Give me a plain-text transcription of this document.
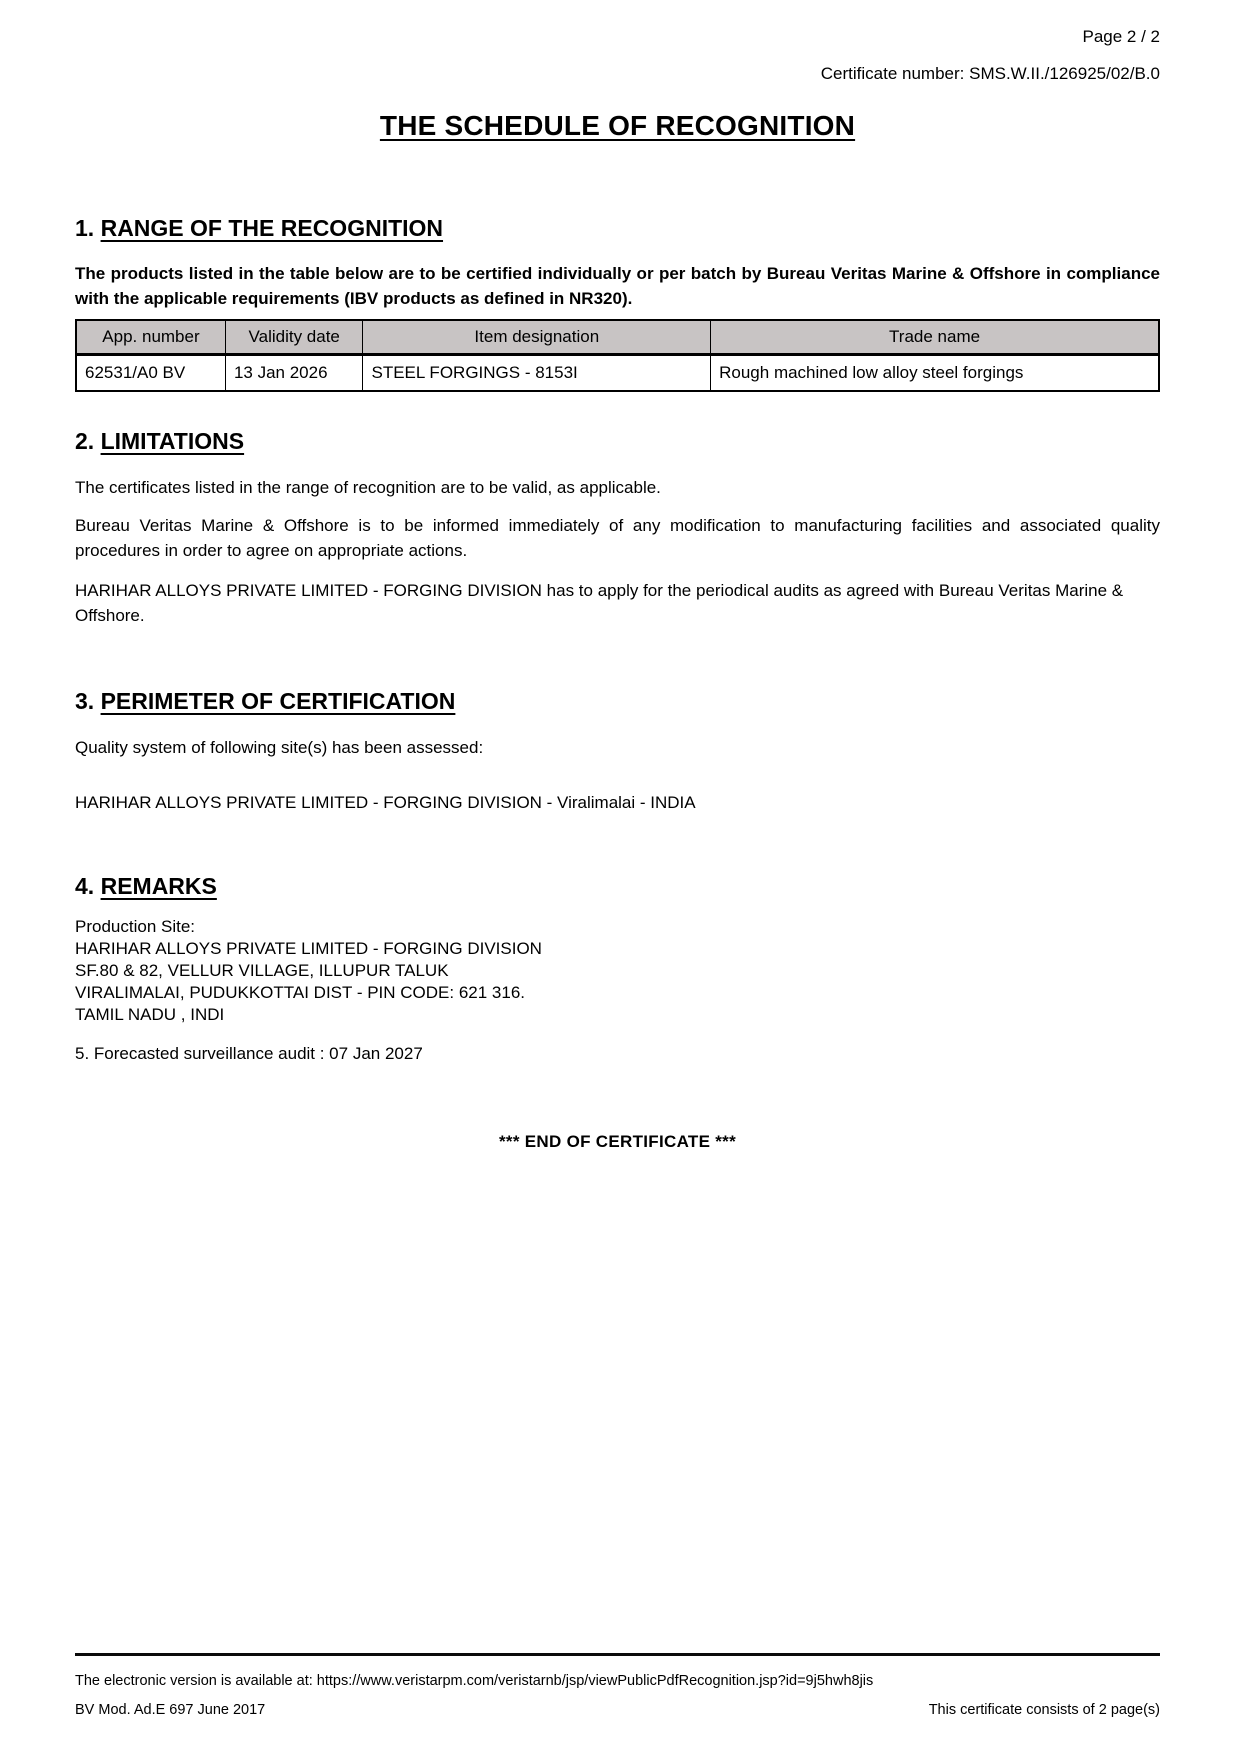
Page 2 / 2
Certificate number: SMS.W.II./126925/02/B.0
THE SCHEDULE OF RECOGNITION
1. RANGE OF THE RECOGNITION
The products listed in the table below are to be certified individually or per batch by Bureau Veritas Marine & Offshore in compliance with the applicable requirements (IBV products as defined in NR320).
App. number	Validity date	Item designation	Trade name
62531/A0 BV	13 Jan 2026	STEEL FORGINGS - 8153I	Rough machined low alloy steel forgings
2. LIMITATIONS
The certificates listed in the range of recognition are to be valid, as applicable.
Bureau Veritas Marine & Offshore is to be informed immediately of any modification to manufacturing facilities and associated quality procedures in order to agree on appropriate actions.
HARIHAR ALLOYS PRIVATE LIMITED - FORGING DIVISION has to apply for the periodical audits as agreed with Bureau Veritas Marine & Offshore.
3. PERIMETER OF CERTIFICATION
Quality system of following site(s) has been assessed:
HARIHAR ALLOYS PRIVATE LIMITED - FORGING DIVISION - Viralimalai - INDIA
4. REMARKS
Production Site:
HARIHAR ALLOYS PRIVATE LIMITED - FORGING DIVISION
SF.80 & 82, VELLUR VILLAGE, ILLUPUR TALUK
VIRALIMALAI, PUDUKKOTTAI DIST - PIN CODE: 621 316.
TAMIL NADU , INDI
5. Forecasted surveillance audit : 07 Jan 2027
*** END OF CERTIFICATE ***
The electronic version is available at: https://www.veristarpm.com/veristarnb/jsp/viewPublicPdfRecognition.jsp?id=9j5hwh8jis
BV Mod. Ad.E 697 June 2017	This certificate consists of 2 page(s)
